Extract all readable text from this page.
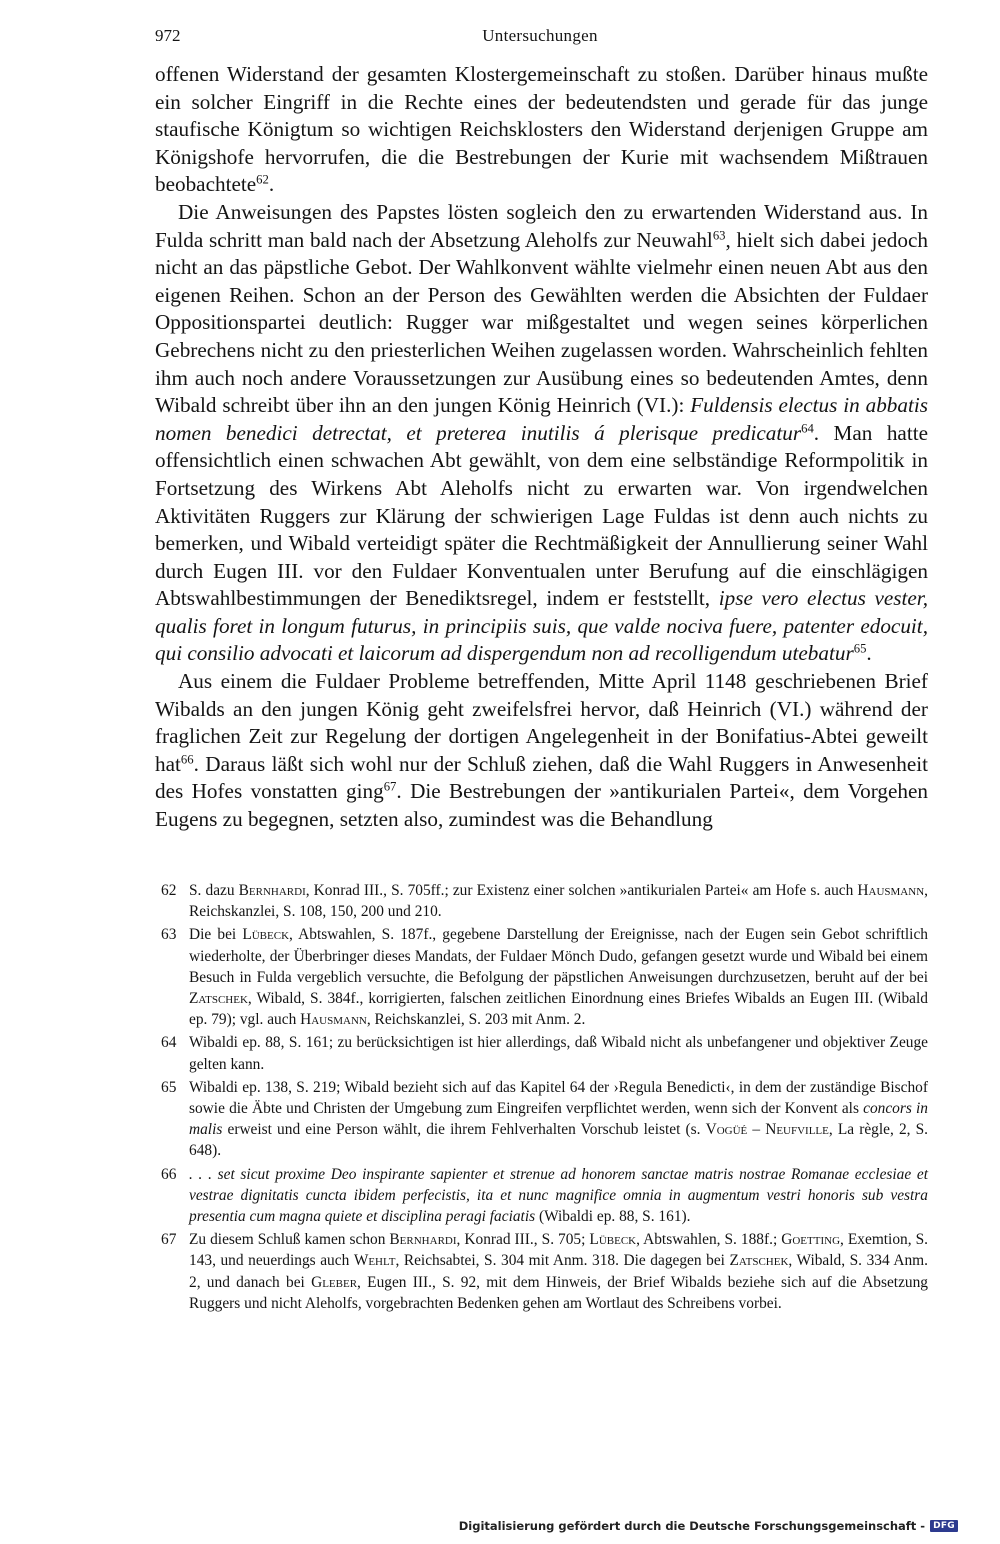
972	Untersuchungen

offenen Widerstand der gesamten Klostergemeinschaft zu stoßen. Darüber hinaus mußte ein solcher Eingriff in die Rechte eines der bedeutendsten und gerade für das junge staufische Königtum so wichtigen Reichsklosters den Widerstand derjenigen Gruppe am Königshofe hervorrufen, die die Bestrebungen der Kurie mit wachsendem Mißtrauen beobachtete$^{62}$.

Die Anweisungen des Papstes lösten sogleich den zu erwartenden Widerstand aus. In Fulda schritt man bald nach der Absetzung Aleholfs zur Neuwahl$^{63}$, hielt sich dabei jedoch nicht an das päpstliche Gebot. Der Wahlkonvent wählte vielmehr einen neuen Abt aus den eigenen Reihen. Schon an der Person des Gewählten werden die Absichten der Fuldaer Oppositionspartei deutlich: Rugger war mißgestaltet und wegen seines körperlichen Gebrechens nicht zu den priesterlichen Weihen zugelassen worden. Wahrscheinlich fehlten ihm auch noch andere Voraussetzungen zur Ausübung eines so bedeutenden Amtes, denn Wibald schreibt über ihn an den jungen König Heinrich (VI.): Fuldensis electus in abbatis nomen benedici detrectat, et preterea inutilis á plerisque predicatur$^{64}$. Man hatte offensichtlich einen schwachen Abt gewählt, von dem eine selbständige Reformpolitik in Fortsetzung des Wirkens Abt Aleholfs nicht zu erwarten war. Von irgendwelchen Aktivitäten Ruggers zur Klärung der schwierigen Lage Fuldas ist denn auch nichts zu bemerken, und Wibald verteidigt später die Rechtmäßigkeit der Annullierung seiner Wahl durch Eugen III. vor den Fuldaer Konventualen unter Berufung auf die einschlägigen Abtswahlbestimmungen der Benediktsregel, indem er feststellt, ipse vero electus vester, qualis foret in longum futurus, in principiis suis, que valde nociva fuere, patenter edocuit, qui consilio advocati et laicorum ad dispergendum non ad recolligendum utebatur$^{65}$.

Aus einem die Fuldaer Probleme betreffenden, Mitte April 1148 geschriebenen Brief Wibalds an den jungen König geht zweifelsfrei hervor, daß Heinrich (VI.) während der fraglichen Zeit zur Regelung der dortigen Angelegenheit in der Bonifatius-Abtei geweilt hat$^{66}$. Daraus läßt sich wohl nur der Schluß ziehen, daß die Wahl Ruggers in Anwesenheit des Hofes vonstatten ging$^{67}$. Die Bestrebungen der »antikurialen Partei«, dem Vorgehen Eugens zu begegnen, setzten also, zumindest was die Behandlung

62 S. dazu Bernhardi, Konrad III., S. 705ff.; zur Existenz einer solchen »antikurialen Partei« am Hofe s. auch Hausmann, Reichskanzlei, S. 108, 150, 200 und 210.
63 Die bei Lübeck, Abtswahlen, S. 187f., gegebene Darstellung der Ereignisse, nach der Eugen sein Gebot schriftlich wiederholte, der Überbringer dieses Mandats, der Fuldaer Mönch Dudo, gefangen gesetzt wurde und Wibald bei einem Besuch in Fulda vergeblich versuchte, die Befolgung der päpstlichen Anweisungen durchzusetzen, beruht auf der bei Zatschek, Wibald, S. 384f., korrigierten, falschen zeitlichen Einordnung eines Briefes Wibalds an Eugen III. (Wibald ep. 79); vgl. auch Hausmann, Reichskanzlei, S. 203 mit Anm. 2.
64 Wibaldi ep. 88, S. 161; zu berücksichtigen ist hier allerdings, daß Wibald nicht als unbefangener und objektiver Zeuge gelten kann.
65 Wibaldi ep. 138, S. 219; Wibald bezieht sich auf das Kapitel 64 der ›Regula Benedicti‹, in dem der zuständige Bischof sowie die Äbte und Christen der Umgebung zum Eingreifen verpflichtet werden, wenn sich der Konvent als concors in malis erweist und eine Person wählt, die ihrem Fehlverhalten Vorschub leistet (s. Vogüé – Neufville, La règle, 2, S. 648).
66 . . . set sicut proxime Deo inspirante sapienter et strenue ad honorem sanctae matris nostrae Romanae ecclesiae et vestrae dignitatis cuncta ibidem perfecistis, ita et nunc magnifice omnia in augmentum vestri honoris sub vestra presentia cum magna quiete et disciplina peragi faciatis (Wibaldi ep. 88, S. 161).
67 Zu diesem Schluß kamen schon Bernhardi, Konrad III., S. 705; Lübeck, Abtswahlen, S. 188f.; Goetting, Exemtion, S. 143, und neuerdings auch Wehlt, Reichsabtei, S. 304 mit Anm. 318. Die dagegen bei Zatschek, Wibald, S. 334 Anm. 2, und danach bei Gleber, Eugen III., S. 92, mit dem Hinweis, der Brief Wibalds beziehe sich auf die Absetzung Ruggers und nicht Aleholfs, vorgebrachten Bedenken gehen am Wortlaut des Schreibens vorbei.
Digitalisierung gefördert durch die Deutsche Forschungsgemeinschaft - DFG
